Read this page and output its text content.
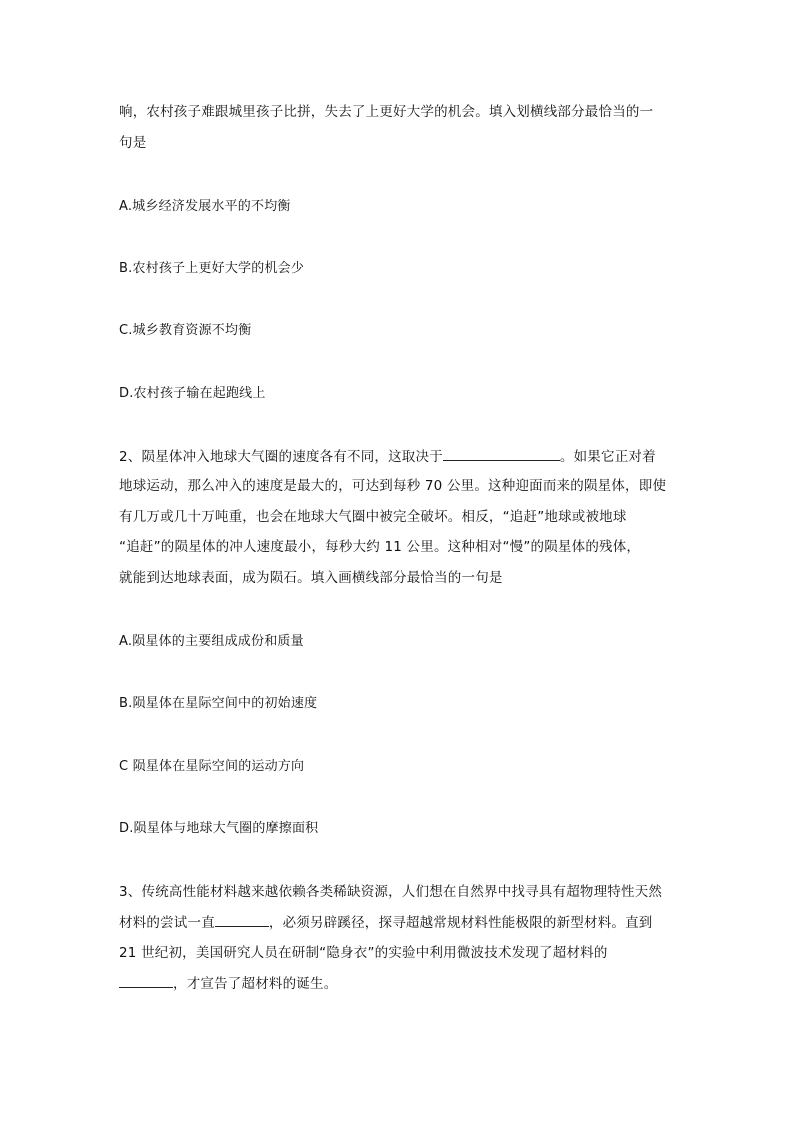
响，农村孩子难跟城里孩子比拼，失去了上更好大学的机会。填入划横线部分最恰当的一
句是
A.城乡经济发展水平的不均衡
B.农村孩子上更好大学的机会少
C.城乡教育资源不均衡
D.农村孩子输在起跑线上
2、陨星体冲入地球大气圈的速度各有不同，这取决于	。如果它正对着
地球运动，那么冲入的速度是最大的，可达到每秒 70 公里。这种迎面而来的陨星体，即使
有几万或几十万吨重，也会在地球大气圈中被完全破坏。相反，“追赶”地球或被地球
“追赶”的陨星体的冲人速度最小，每秒大约 11 公里。这种相对“慢”的陨星体的残体，
就能到达地球表面，成为陨石。填入画横线部分最恰当的一句是
A.陨星体的主要组成成份和质量
B.陨星体在星际空间中的初始速度
C 陨星体在星际空间的运动方向
D.陨星体与地球大气圈的摩擦面积
3、传统高性能材料越来越依赖各类稀缺资源，人们想在自然界中找寻具有超物理特性天然
材料的尝试一直	，必须另辟蹊径，探寻超越常规材料性能极限的新型材料。直到
21 世纪初，美国研究人员在研制“隐身衣”的实验中利用微波技术发现了超材料的
，才宣告了超材料的诞生。
